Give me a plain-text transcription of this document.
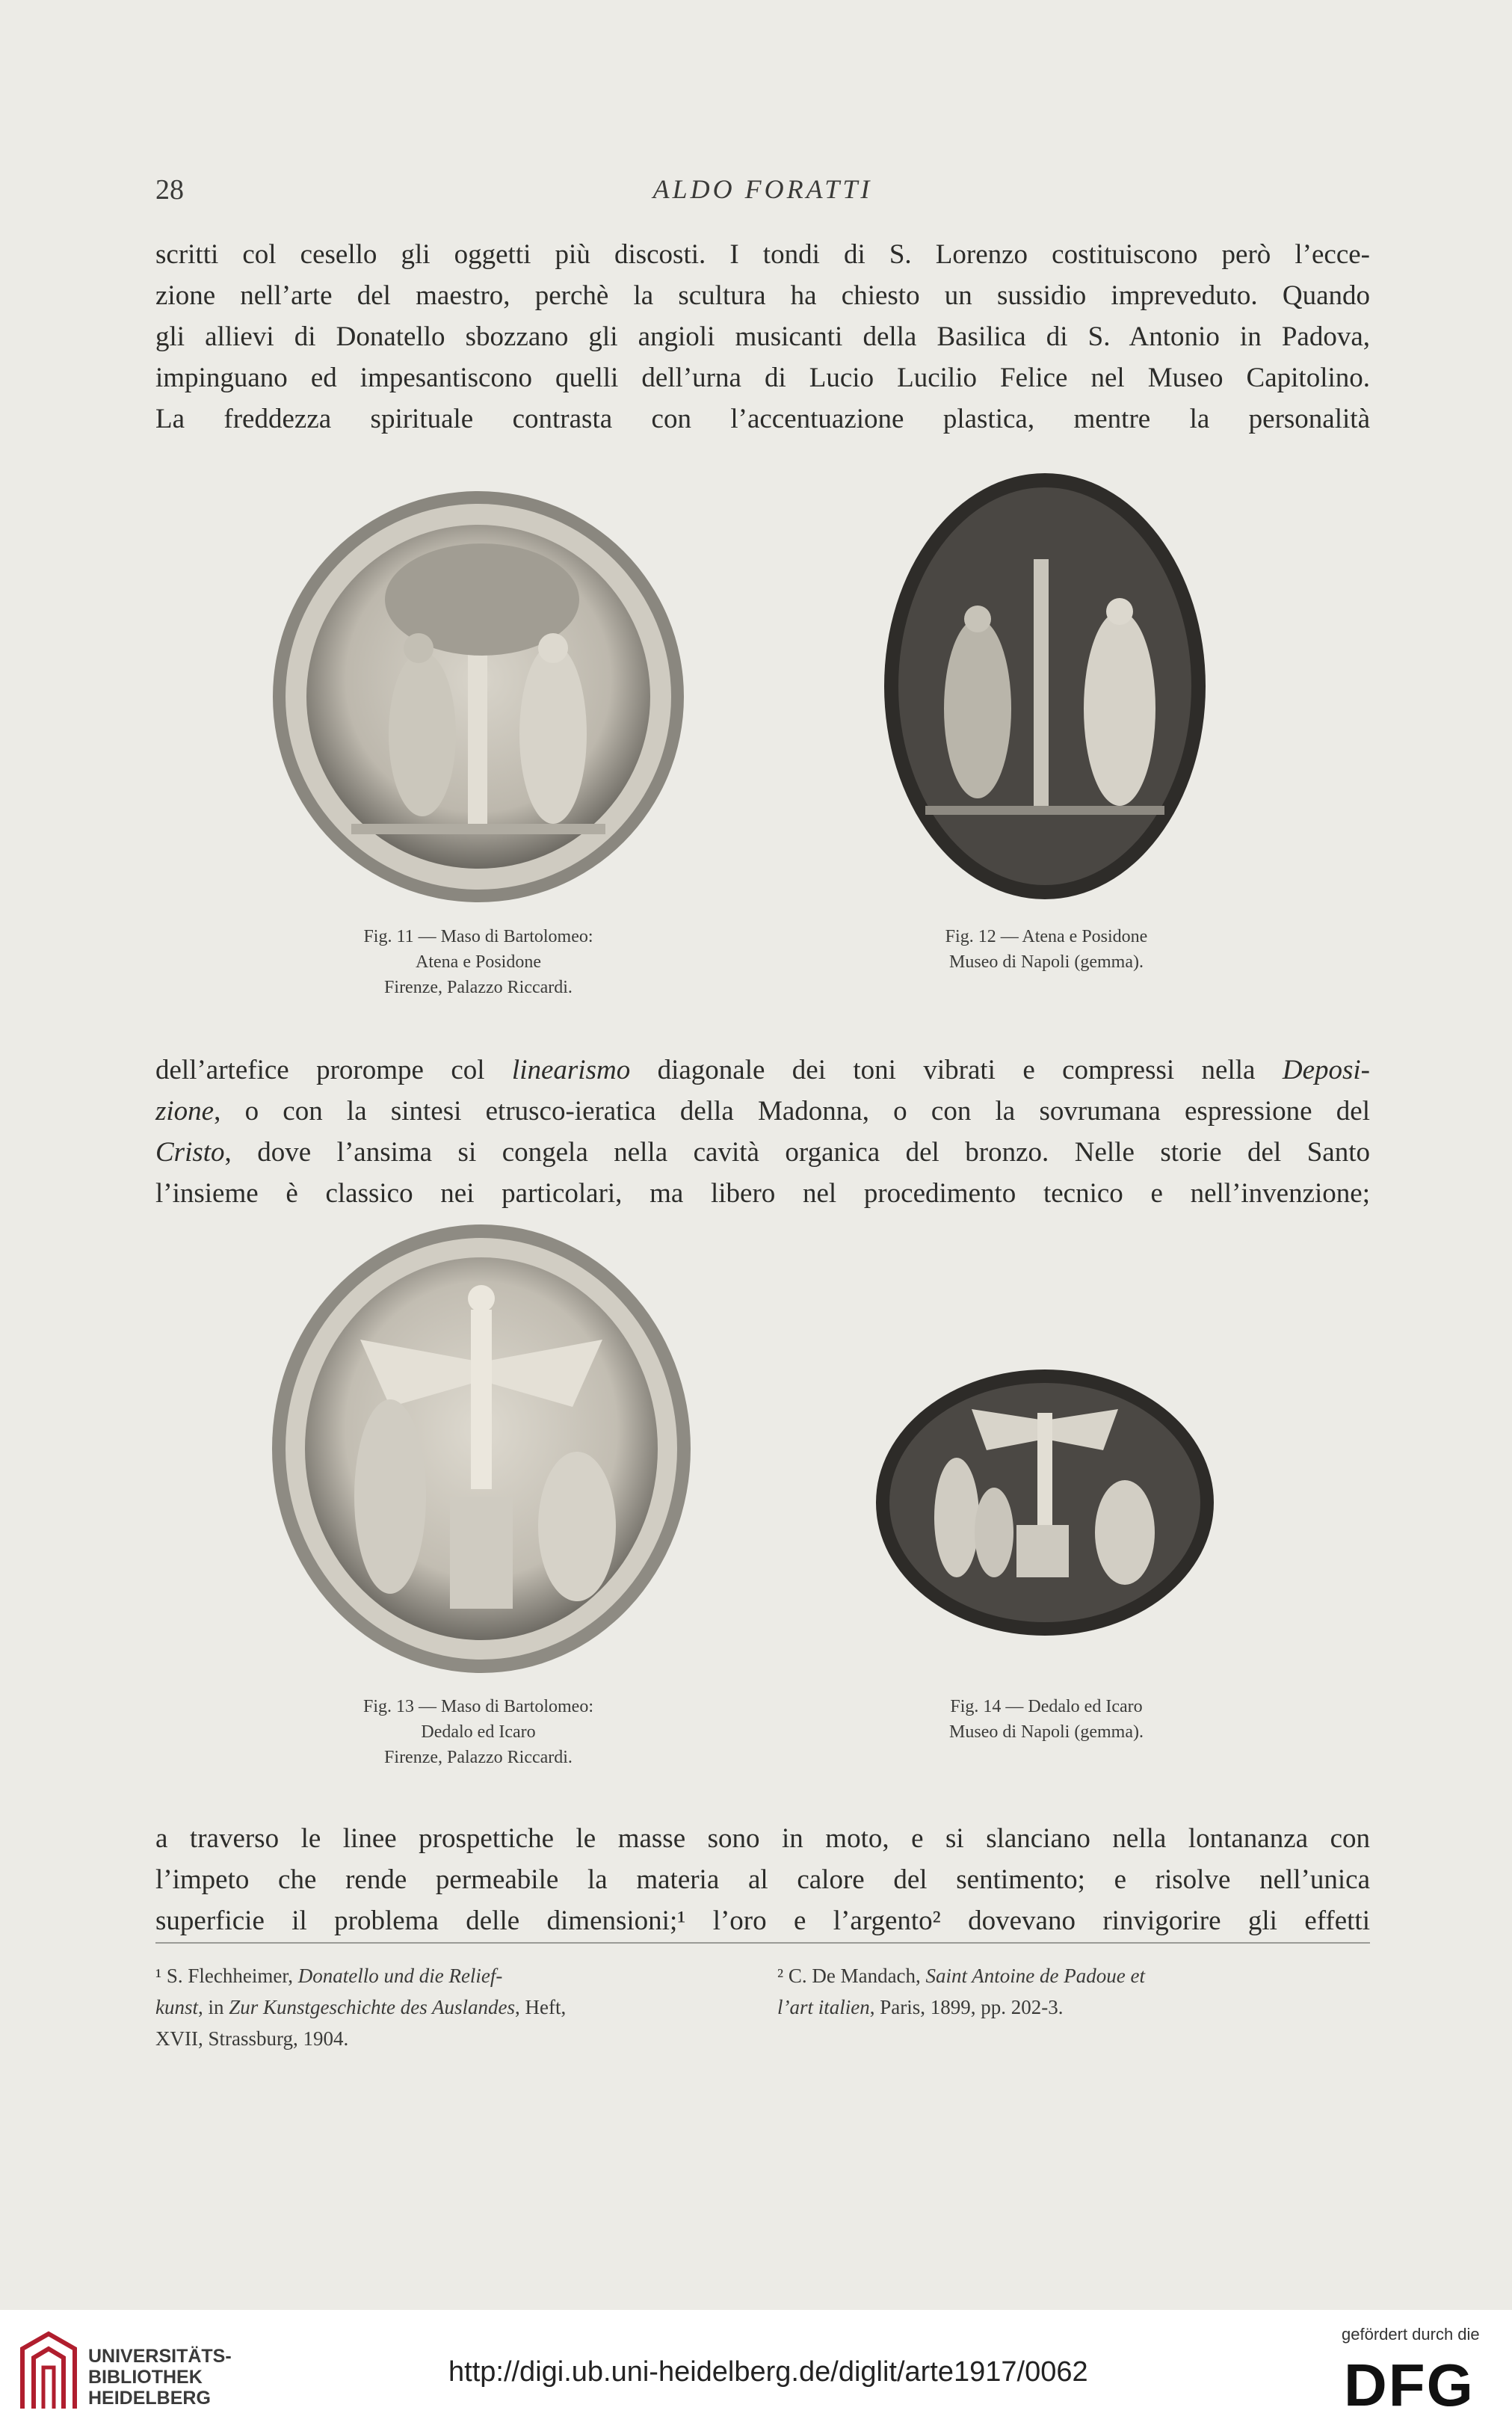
28	ALDO FORATTI
scritti col cesello gli oggetti più discosti. I tondi di S. Lorenzo costituiscono però l’ecce-
zione nell’arte del maestro, perchè la scultura ha chiesto un sussidio impreveduto. Quando
gli allievi di Donatello sbozzano gli angioli musicanti della Basilica di S. Antonio in Padova,
impinguano ed impesantiscono quelli dell’urna di Lucio Lucilio Felice nel Museo Capitolino.
La freddezza spirituale contrasta con l’accentuazione plastica, mentre la personalità
Fig. 11 — Maso di Bartolomeo:
Atena e Posidone
Firenze, Palazzo Riccardi.
Fig. 12 — Atena e Posidone
Museo di Napoli (gemma).
dell’artefice prorompe col linearismo diagonale dei toni vibrati e compressi nella Deposi-
zione, o con la sintesi etrusco-ieratica della Madonna, o con la sovrumana espressione del
Cristo, dove l’ansima si congela nella cavità organica del bronzo. Nelle storie del Santo
l’insieme è classico nei particolari, ma libero nel procedimento tecnico e nell’invenzione;
Fig. 13 — Maso di Bartolomeo:
Dedalo ed Icaro
Firenze, Palazzo Riccardi.
Fig. 14 — Dedalo ed Icaro
Museo di Napoli (gemma).
a traverso le linee prospettiche le masse sono in moto, e si slanciano nella lontananza con
l’impeto che rende permeabile la materia al calore del sentimento; e risolve nell’unica
superficie il problema delle dimensioni;¹ l’oro e l’argento² dovevano rinvigorire gli effetti
¹ S. Flechheimer, Donatello und die Relief-
kunst, in Zur Kunstgeschichte des Auslandes, Heft,
XVII, Strassburg, 1904.
² C. De Mandach, Saint Antoine de Padoue et
l’art italien, Paris, 1899, pp. 202-3.
UNIVERSITÄTS-
BIBLIOTHEK
HEIDELBERG
http://digi.ub.uni-heidelberg.de/diglit/arte1917/0062
gefördert durch die
DFG
